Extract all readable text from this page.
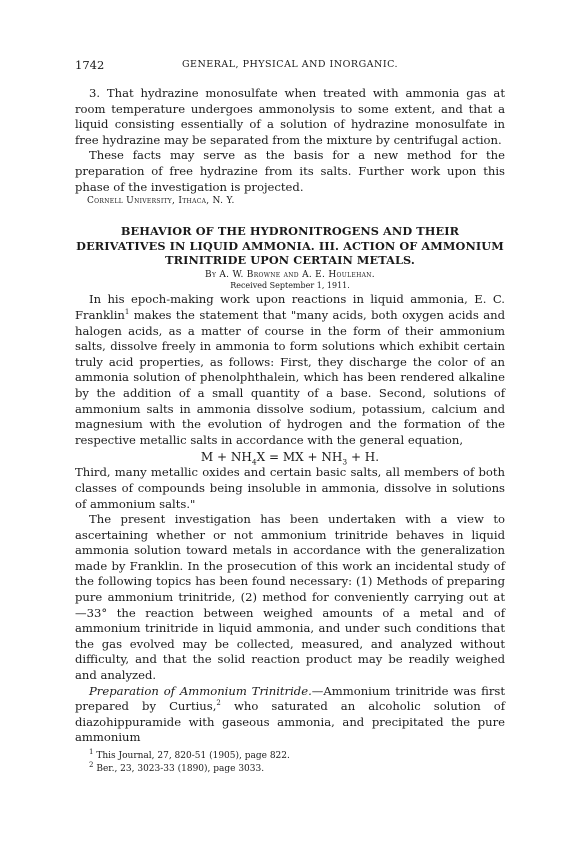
1742	GENERAL, PHYSICAL AND INORGANIC.

3. That hydrazine monosulfate when treated with ammonia gas at room temperature undergoes ammonolysis to some extent, and that a liquid consisting essentially of a solution of hydrazine monosulfate in free hydrazine may be separated from the mixture by centrifugal action.

These facts may serve as the basis for a new method for the preparation of free hydrazine from its salts. Further work upon this phase of the investigation is projected.

Cornell University, Ithaca, N. Y.
BEHAVIOR OF THE HYDRONITROGENS AND THEIR DERIVATIVES IN LIQUID AMMONIA. III. ACTION OF AMMONIUM TRINITRIDE UPON CERTAIN METALS.
By A. W. Browne and A. E. Houlehan.
Received September 1, 1911.

In his epoch-making work upon reactions in liquid ammonia, E. C. Franklin$^1$ makes the statement that "many acids, both oxygen acids and halogen acids, as a matter of course in the form of their ammonium salts, dissolve freely in ammonia to form solutions which exhibit certain truly acid properties, as follows: First, they discharge the color of an ammonia solution of phenolphthalein, which has been rendered alkaline by the addition of a small quantity of a base. Second, solutions of ammonium salts in ammonia dissolve sodium, potassium, calcium and magnesium with the evolution of hydrogen and the formation of the respective metallic salts in accordance with the general equation,

$M + NH_4X$ = MX + $NH_3 + H$.

Third, many metallic oxides and certain basic salts, all members of both classes of compounds being insoluble in ammonia, dissolve in solutions of ammonium salts."

The present investigation has been undertaken with a view to ascertaining whether or not ammonium trinitride behaves in liquid ammonia solution toward metals in accordance with the generalization made by Franklin. In the prosecution of this work an incidental study of the following topics has been found necessary: (1) Methods of preparing pure ammonium trinitride, (2) method for conveniently carrying out at —33° the reaction between weighed amounts of a metal and of ammonium trinitride in liquid ammonia, and under such conditions that the gas evolved may be collected, measured, and analyzed without difficulty, and that the solid reaction product may be readily weighed and analyzed.

Preparation of Ammonium Trinitride.—Ammonium trinitride was first prepared by Curtius,$^2$ who saturated an alcoholic solution of diazohippuramide with gaseous ammonia, and precipitated the pure ammonium

$^1$ This Journal, 27, 820-51 (1905), page 822.
$^2$ Ber., 23, 3023-33 (1890), page 3033.
